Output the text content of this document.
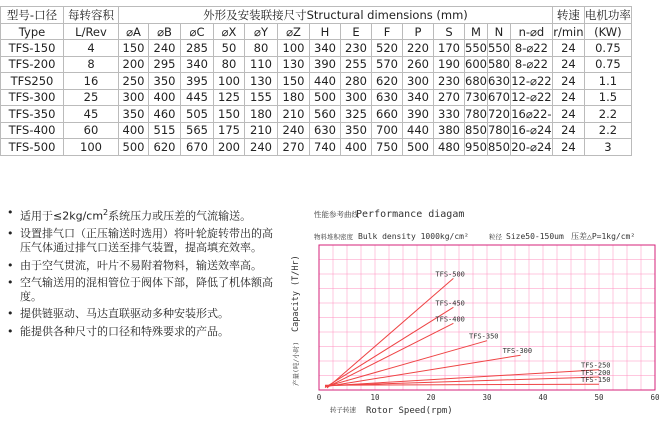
型号-口径	每转容积	外形及安装联接尺寸Structural dimensions (mm)														转速	电机功率
Type	L/Rev	⌀A	⌀B	⌀C	⌀X	⌀Y	⌀Z	H	E	F	P	S	M	N	n-⌀d	r/min	(KW)
TFS-150	4	150	240	285	50	80	100	340	230	520	220	170	550	550	8-⌀22	24	0.75
TFS-200	8	200	295	340	80	110	130	390	255	570	260	190	600	580	8-⌀22	24	0.75
TFS250	16	250	350	395	100	130	150	440	280	620	300	230	680	630	12-⌀22	24	1.1
TFS-300	25	300	400	445	125	155	180	500	300	630	340	270	730	670	12-⌀22	24	1.5
TFS-350	45	350	460	505	150	180	210	560	325	660	390	330	780	720	16⌀22-	24	2.2
TFS-400	60	400	515	565	175	210	240	630	350	700	440	380	850	780	16-⌀24	24	2.2
TFS-500	100	500	620	670	200	240	270	740	400	750	500	480	950	850	20-⌀24	24	3
• 适用于$\le 2kg/cm^2$系统压力或压差的气流输送。
• 设置排气口（正压输送时选用）将叶轮旋转带出的高压气体通过排气口送至排气装置，提高填充效率。
• 由于空气贯流，叶片不易附着物料，输送效率高。
• 空气输送用的混相管位于阀体下部，降低了机体额高度。
• 提供链驱动、马达直联驱动多种安装形式。
• 能提供各种尺寸的口径和特殊要求的产品。
性能参考曲线
Performance diagam
物料堆积密度 Bulk density 1000kg/cm²	粒径 Size50-150um 压差△P=1kg/cm²
转子转速 Rotor Speed(rpm)
产量(吨/小时)
Capacity (T/Hr)
0	10	20	30	40	50	60
TFS-500
TFS-450
TFS-400
TFS-350
TFS-300
TFS-250
TFS-200
TFS-150
